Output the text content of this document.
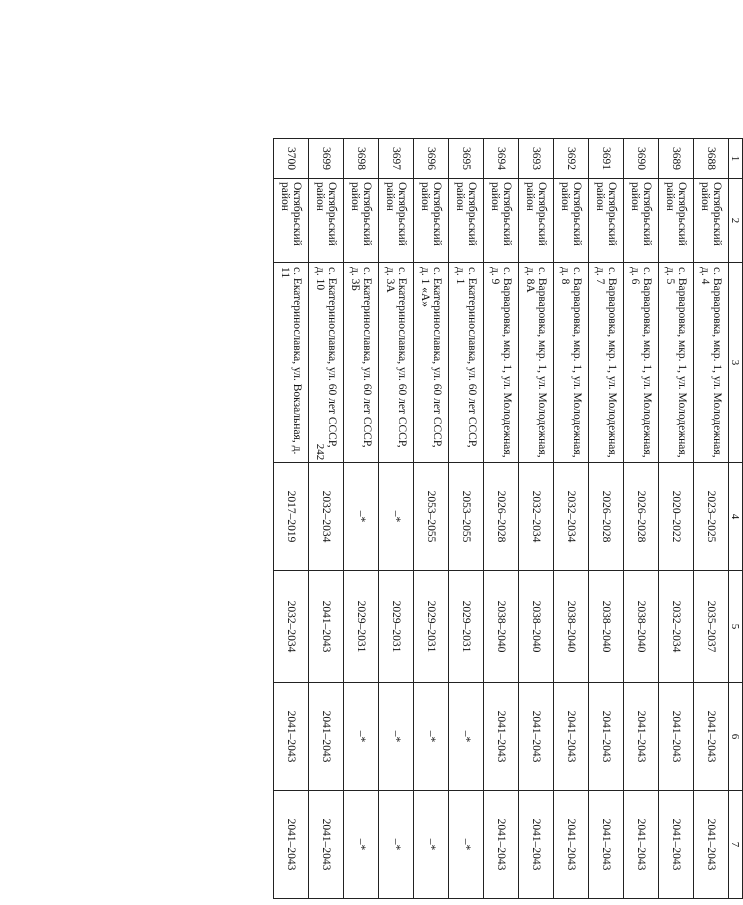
242
1	2	3	4	5	6	7
3688	Октябрьский район	с. Варваровка, мкр. 1, ул. Молодежная, д. 4	2023–2025	2035–2037	2041–2043	2041–2043
3689	Октябрьский район	с. Варваровка, мкр. 1, ул. Молодежная, д. 5	2020–2022	2032–2034	2041–2043	2041–2043
3690	Октябрьский район	с. Варваровка, мкр. 1, ул. Молодежная, д. 6	2026–2028	2038–2040	2041–2043	2041–2043
3691	Октябрьский район	с. Варваровка, мкр. 1, ул. Молодежная, д. 7	2026–2028	2038–2040	2041–2043	2041–2043
3692	Октябрьский район	с. Варваровка, мкр. 1, ул. Молодежная, д. 8	2032–2034	2038–2040	2041–2043	2041–2043
3693	Октябрьский район	с. Варваровка, мкр. 1, ул. Молодежная, д. 8А	2032–2034	2038–2040	2041–2043	2041–2043
3694	Октябрьский район	с. Варваровка, мкр. 1, ул. Молодежная, д. 9	2026–2028	2038–2040	2041–2043	2041–2043
3695	Октябрьский район	с. Екатеринославка, ул. 60 лет СССР, д. 1	2053–2055	2029–2031	–*	–*
3696	Октябрьский район	с. Екатеринославка, ул. 60 лет СССР, д. 1 «А»	2053–2055	2029–2031	–*	–*
3697	Октябрьский район	с. Екатеринославка, ул. 60 лет СССР, д. 3А	–*	2029–2031	–*	–*
3698	Октябрьский район	с. Екатеринославка, ул. 60 лет СССР, д. 3Б	–*	2029–2031	–*	–*
3699	Октябрьский район	с. Екатеринославка, ул. 60 лет СССР, д. 10	2032–2034	2041–2043	2041–2043	2041–2043
3700	Октябрьский район	с. Екатеринославка, ул. Вокзальная, д. 11	2017–2019	2032–2034	2041–2043	2041–2043
